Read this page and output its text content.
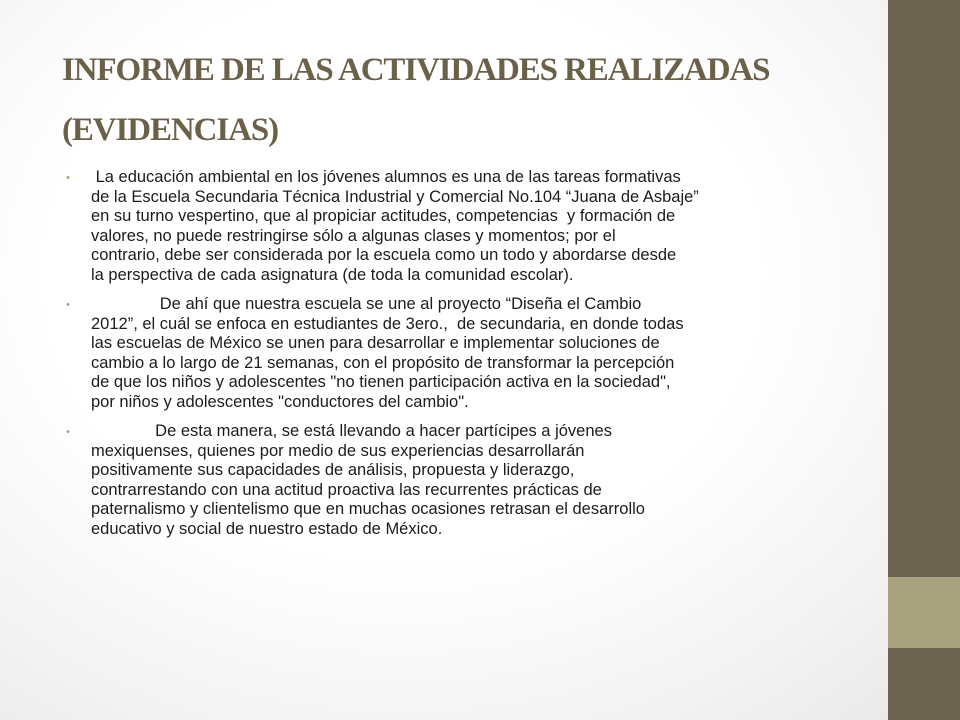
INFORME DE LAS ACTIVIDADES REALIZADAS
(EVIDENCIAS)
• La educación ambiental en los jóvenes alumnos es una de las tareas formativas
de la Escuela Secundaria Técnica Industrial y Comercial No.104 “Juana de Asbaje”
en su turno vespertino, que al propiciar actitudes, competencias  y formación de
valores, no puede restringirse sólo a algunas clases y momentos; por el
contrario, debe ser considerada por la escuela como un todo y abordarse desde
la perspectiva de cada asignatura (de toda la comunidad escolar).
• De ahí que nuestra escuela se une al proyecto “Diseña el Cambio
2012”, el cuál se enfoca en estudiantes de 3ero.,  de secundaria, en donde todas
las escuelas de México se unen para desarrollar e implementar soluciones de
cambio a lo largo de 21 semanas, con el propósito de transformar la percepción
de que los niños y adolescentes "no tienen participación activa en la sociedad",
por niños y adolescentes "conductores del cambio".
• De esta manera, se está llevando a hacer partícipes a jóvenes
mexiquenses, quienes por medio de sus experiencias desarrollarán
positivamente sus capacidades de análisis, propuesta y liderazgo,
contrarrestando con una actitud proactiva las recurrentes prácticas de
paternalismo y clientelismo que en muchas ocasiones retrasan el desarrollo
educativo y social de nuestro estado de México.
